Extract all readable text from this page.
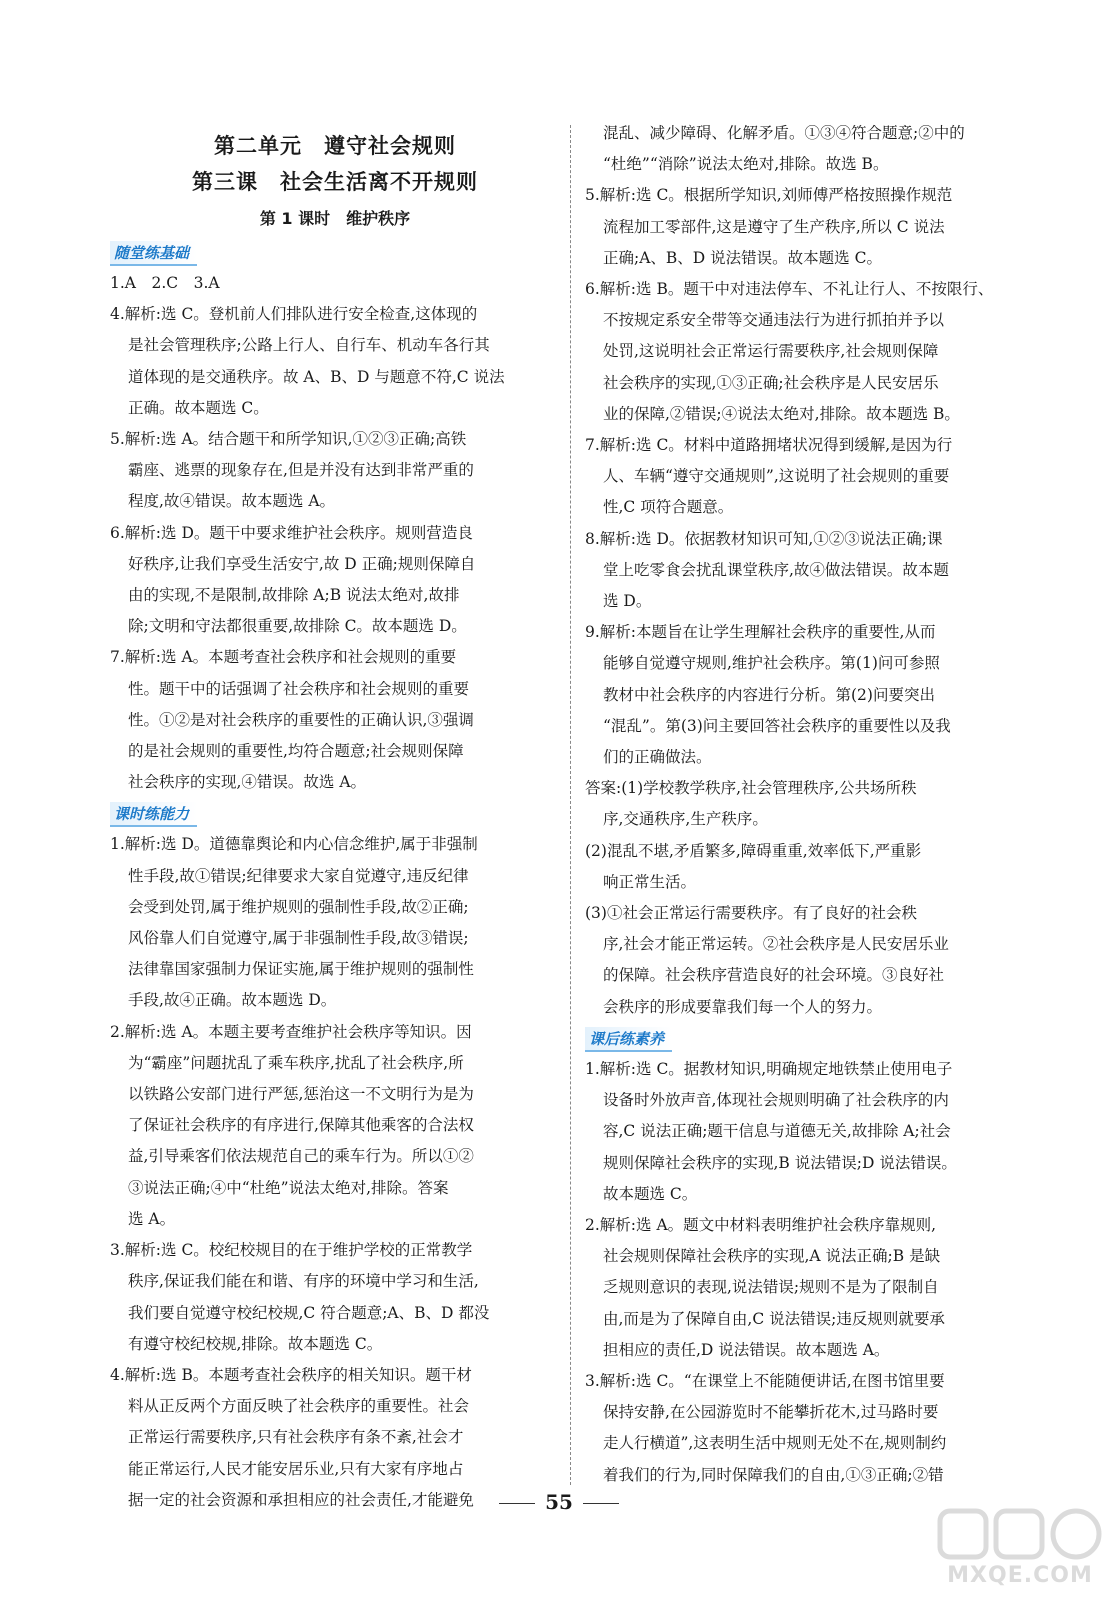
第二单元　遵守社会规则
第三课　社会生活离不开规则
第 1 课时　维护秩序
随堂练基础
1.A　2.C　3.A
4.解析:选 C。登机前人们排队进行安全检查,这体现的
是社会管理秩序;公路上行人、自行车、机动车各行其
道体现的是交通秩序。故 A、B、D 与题意不符,C 说法
正确。故本题选 C。
5.解析:选 A。结合题干和所学知识,①②③正确;高铁
霸座、逃票的现象存在,但是并没有达到非常严重的
程度,故④错误。故本题选 A。
6.解析:选 D。题干中要求维护社会秩序。规则营造良
好秩序,让我们享受生活安宁,故 D 正确;规则保障自
由的实现,不是限制,故排除 A;B 说法太绝对,故排
除;文明和守法都很重要,故排除 C。故本题选 D。
7.解析:选 A。本题考查社会秩序和社会规则的重要
性。题干中的话强调了社会秩序和社会规则的重要
性。①②是对社会秩序的重要性的正确认识,③强调
的是社会规则的重要性,均符合题意;社会规则保障
社会秩序的实现,④错误。故选 A。
课时练能力
1.解析:选 D。道德靠舆论和内心信念维护,属于非强制
性手段,故①错误;纪律要求大家自觉遵守,违反纪律
会受到处罚,属于维护规则的强制性手段,故②正确;
风俗靠人们自觉遵守,属于非强制性手段,故③错误;
法律靠国家强制力保证实施,属于维护规则的强制性
手段,故④正确。故本题选 D。
2.解析:选 A。本题主要考查维护社会秩序等知识。因
为“霸座”问题扰乱了乘车秩序,扰乱了社会秩序,所
以铁路公安部门进行严惩,惩治这一不文明行为是为
了保证社会秩序的有序进行,保障其他乘客的合法权
益,引导乘客们依法规范自己的乘车行为。所以①②
③说法正确;④中“杜绝”说法太绝对,排除。答案
选 A。
3.解析:选 C。校纪校规目的在于维护学校的正常教学
秩序,保证我们能在和谐、有序的环境中学习和生活,
我们要自觉遵守校纪校规,C 符合题意;A、B、D 都没
有遵守校纪校规,排除。故本题选 C。
4.解析:选 B。本题考查社会秩序的相关知识。题干材
料从正反两个方面反映了社会秩序的重要性。社会
正常运行需要秩序,只有社会秩序有条不紊,社会才
能正常运行,人民才能安居乐业,只有大家有序地占
据一定的社会资源和承担相应的社会责任,才能避免
混乱、减少障碍、化解矛盾。①③④符合题意;②中的
“杜绝”“消除”说法太绝对,排除。故选 B。
5.解析:选 C。根据所学知识,刘师傅严格按照操作规范
流程加工零部件,这是遵守了生产秩序,所以 C 说法
正确;A、B、D 说法错误。故本题选 C。
6.解析:选 B。题干中对违法停车、不礼让行人、不按限行、
不按规定系安全带等交通违法行为进行抓拍并予以
处罚,这说明社会正常运行需要秩序,社会规则保障
社会秩序的实现,①③正确;社会秩序是人民安居乐
业的保障,②错误;④说法太绝对,排除。故本题选 B。
7.解析:选 C。材料中道路拥堵状况得到缓解,是因为行
人、车辆“遵守交通规则”,这说明了社会规则的重要
性,C 项符合题意。
8.解析:选 D。依据教材知识可知,①②③说法正确;课
堂上吃零食会扰乱课堂秩序,故④做法错误。故本题
选 D。
9.解析:本题旨在让学生理解社会秩序的重要性,从而
能够自觉遵守规则,维护社会秩序。第(1)问可参照
教材中社会秩序的内容进行分析。第(2)问要突出
“混乱”。第(3)问主要回答社会秩序的重要性以及我
们的正确做法。
答案:(1)学校教学秩序,社会管理秩序,公共场所秩
序,交通秩序,生产秩序。
(2)混乱不堪,矛盾繁多,障碍重重,效率低下,严重影
响正常生活。
(3)①社会正常运行需要秩序。有了良好的社会秩
序,社会才能正常运转。②社会秩序是人民安居乐业
的保障。社会秩序营造良好的社会环境。③良好社
会秩序的形成要靠我们每一个人的努力。
课后练素养
1.解析:选 C。据教材知识,明确规定地铁禁止使用电子
设备时外放声音,体现社会规则明确了社会秩序的内
容,C 说法正确;题干信息与道德无关,故排除 A;社会
规则保障社会秩序的实现,B 说法错误;D 说法错误。
故本题选 C。
2.解析:选 A。题文中材料表明维护社会秩序靠规则,
社会规则保障社会秩序的实现,A 说法正确;B 是缺
乏规则意识的表现,说法错误;规则不是为了限制自
由,而是为了保障自由,C 说法错误;违反规则就要承
担相应的责任,D 说法错误。故本题选 A。
3.解析:选 C。“在课堂上不能随便讲话,在图书馆里要
保持安静,在公园游览时不能攀折花木,过马路时要
走人行横道”,这表明生活中规则无处不在,规则制约
着我们的行为,同时保障我们的自由,①③正确;②错
55
MXQE.COM
